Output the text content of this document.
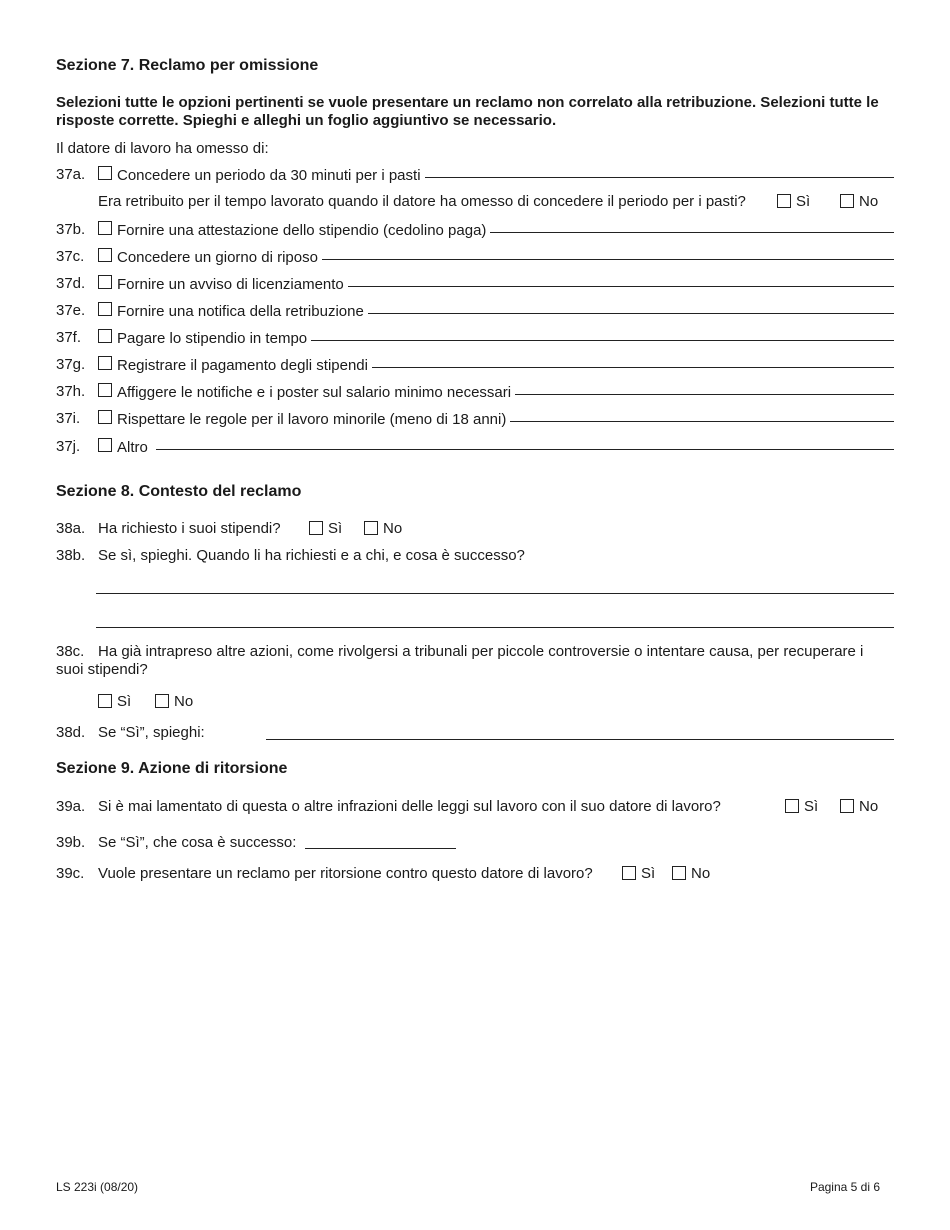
Sezione 7. Reclamo per omissione
Selezioni tutte le opzioni pertinenti se vuole presentare un reclamo non correlato alla retribuzione. Selezioni tutte le risposte corrette. Spieghi e alleghi un foglio aggiuntivo se necessario.
Il datore di lavoro ha omesso di:
37a. Concedere un periodo da 30 minuti per i pasti
Era retribuito per il tempo lavorato quando il datore ha omesso di concedere il periodo per i pasti?	Sì	No
37b. Fornire una attestazione dello stipendio (cedolino paga)
37c. Concedere un giorno di riposo
37d. Fornire un avviso di licenziamento
37e. Fornire una notifica della retribuzione
37f. Pagare lo stipendio in tempo
37g. Registrare il pagamento degli stipendi
37h. Affiggere le notifiche e i poster sul salario minimo necessari
37i. Rispettare le regole per il lavoro minorile (meno di 18 anni)
37j. Altro
Sezione 8. Contesto del reclamo
38a. Ha richiesto i suoi stipendi?	Sì	No
38b. Se sì, spieghi. Quando li ha richiesti e a chi, e cosa è successo?
38c. Ha già intrapreso altre azioni, come rivolgersi a tribunali per piccole controversie o intentare causa, per recuperare i
suoi stipendi?
Sì	No
38d. Se “Sì”, spieghi:
Sezione 9. Azione di ritorsione
39a. Si è mai lamentato di questa o altre infrazioni delle leggi sul lavoro con il suo datore di lavoro?	Sì	No
39b. Se “Sì”, che cosa è successo:
39c. Vuole presentare un reclamo per ritorsione contro questo datore di lavoro?	Sì	No
LS 223i (08/20)	Pagina 5 di 6
